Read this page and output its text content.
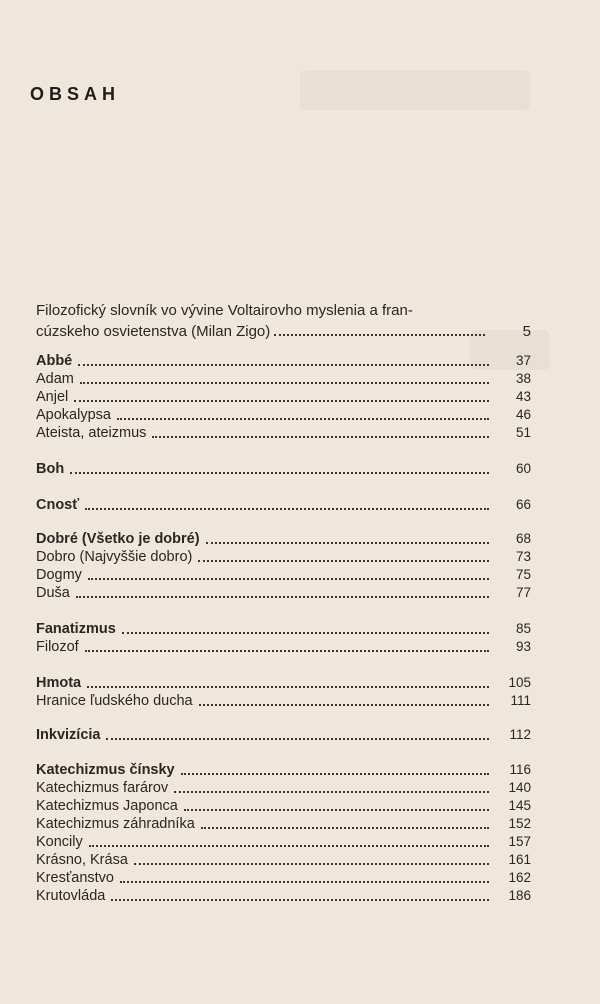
OBSAH
Filozofický slovník vo vývine Voltairovho myslenia a fran-
cúzskeho osvietenstva (Milan Zigo)	5
Abbé	37
Adam	38
Anjel	43
Apokalypsa	46
Ateista, ateizmus	51
Boh	60
Cnosť	66
Dobré (Všetko je dobré)	68
Dobro (Najvyššie dobro)	73
Dogmy	75
Duša	77
Fanatizmus	85
Filozof	93
Hmota	105
Hranice ľudského ducha	111
Inkvizícia	112
Katechizmus čínsky	116
Katechizmus farárov	140
Katechizmus Japonca	145
Katechizmus záhradníka	152
Koncily	157
Krásno, Krása	161
Kresťanstvo	162
Krutovláda	186
